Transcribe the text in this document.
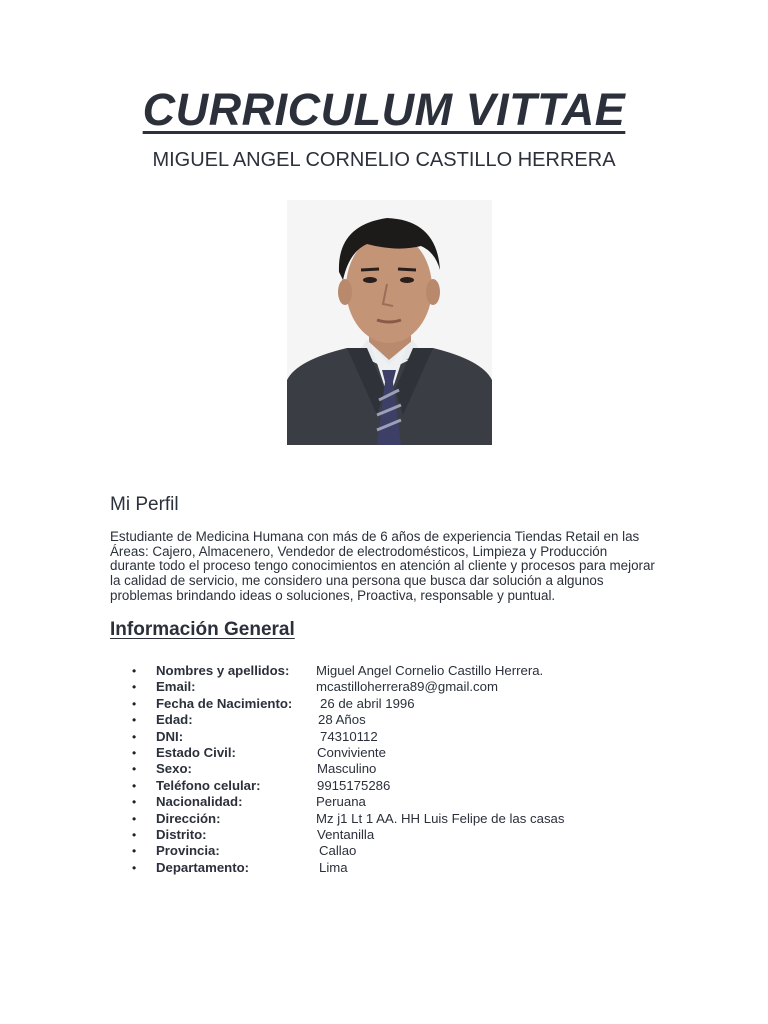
CURRICULUM VITTAE
MIGUEL ANGEL CORNELIO CASTILLO HERRERA
Mi Perfil

Estudiante de Medicina Humana con más de 6 años de experiencia Tiendas Retail en las Áreas: Cajero, Almacenero, Vendedor de electrodomésticos, Limpieza y Producción durante todo el proceso tengo conocimientos en atención al cliente y procesos para mejorar la calidad de servicio, me considero una persona que busca dar solución a algunos problemas brindando ideas o soluciones, Proactiva, responsable y puntual.

Información General
•	Nombres y apellidos: Miguel Angel Cornelio Castillo Herrera.
•	Email:	mcastilloherrera89@gmail.com
•	Fecha de Nacimiento: 26 de abril 1996
•	Edad:	28 Años
•	DNI:	74310112
•	Estado Civil:	Conviviente
•	Sexo:	Masculino
•	Teléfono celular:	9915175286
•	Nacionalidad:	Peruana
•	Dirección:	Mz j1 Lt 1 AA. HH Luis Felipe de las casas
•	Distrito:	Ventanilla
•	Provincia:	Callao
•	Departamento:	Lima
